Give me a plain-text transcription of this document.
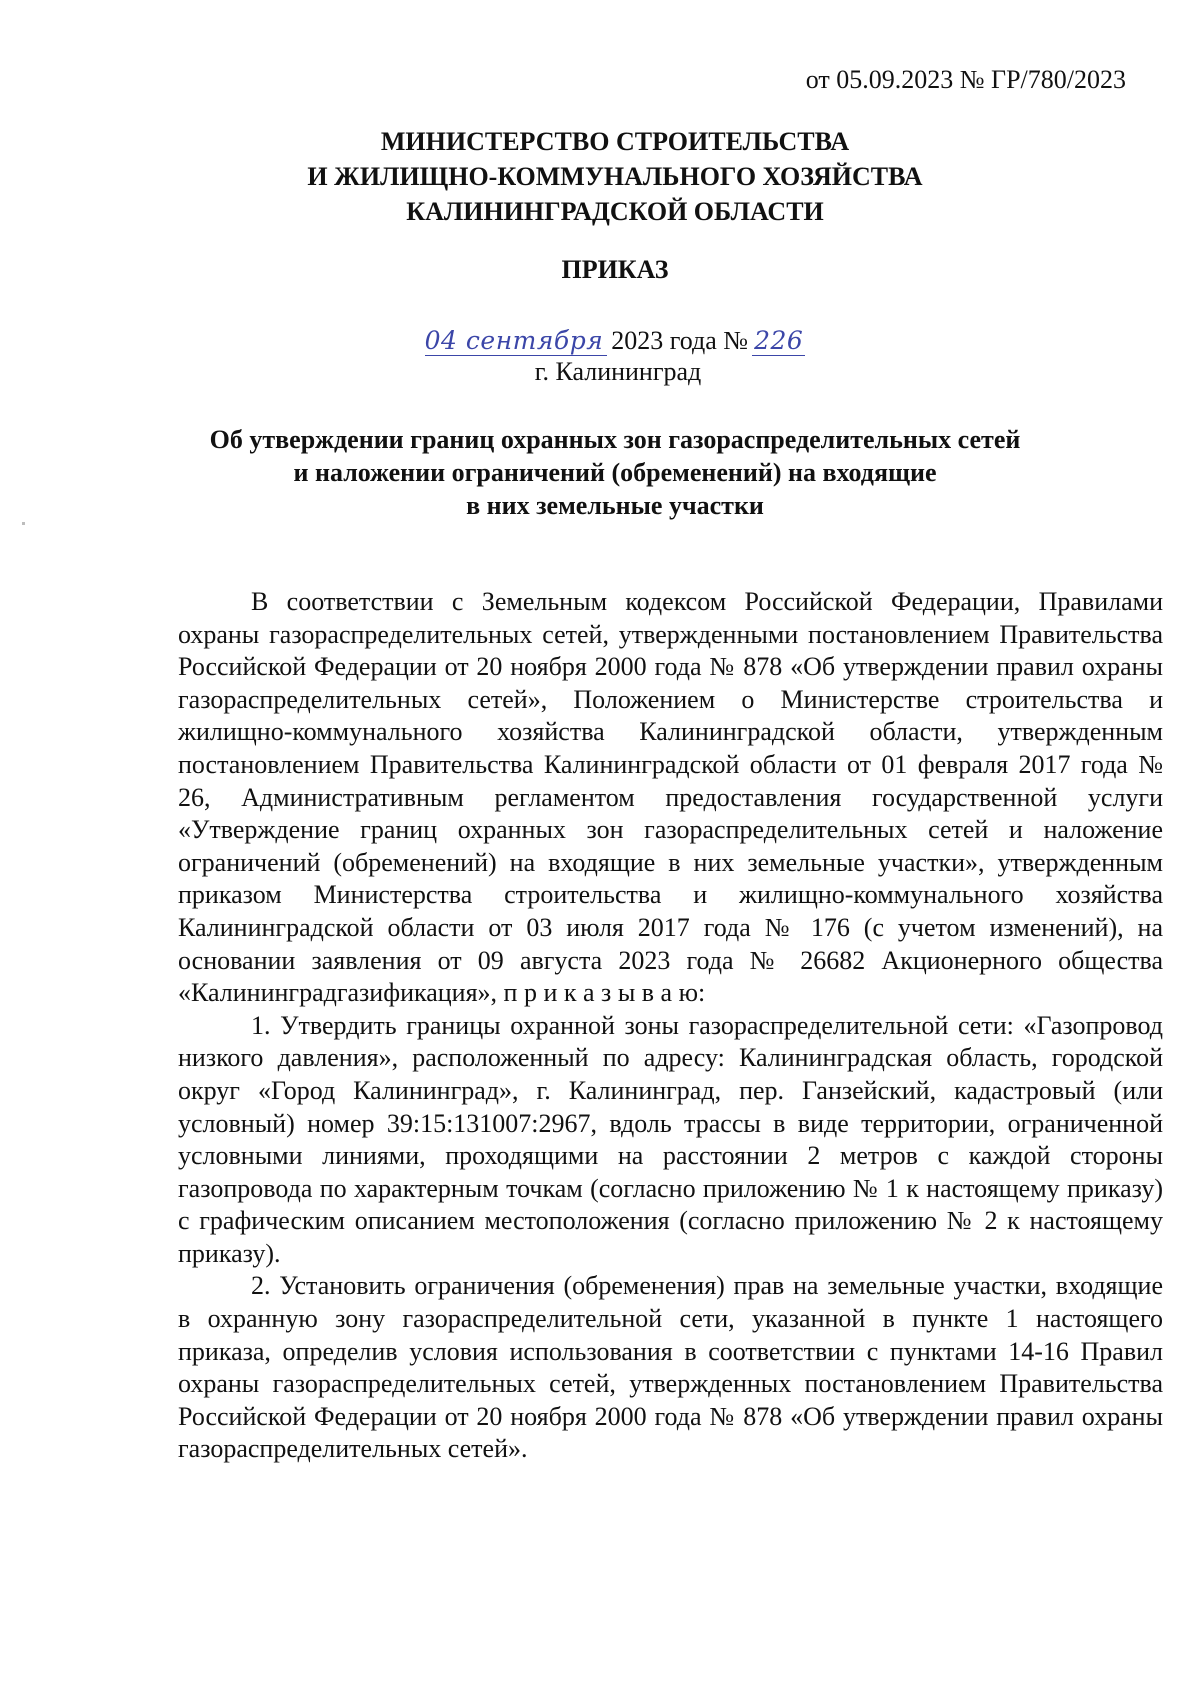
от 05.09.2023 № ГР/780/2023
МИНИСТЕРСТВО СТРОИТЕЛЬСТВА
И ЖИЛИЩНО-КОММУНАЛЬНОГО ХОЗЯЙСТВА
КАЛИНИНГРАДСКОЙ ОБЛАСТИ
ПРИКАЗ
04 сентября 2023 года № 226
г. Калининград
Об утверждении границ охранных зон газораспределительных сетей
и наложении ограничений (обременений) на входящие
в них земельные участки

В соответствии с Земельным кодексом Российской Федерации, Правилами охраны газораспределительных сетей, утвержденными постановлением Правительства Российской Федерации от 20 ноября 2000 года № 878 «Об утверждении правил охраны газораспределительных сетей», Положением о Министерстве строительства и жилищно-коммунального хозяйства Калининградской области, утвержденным постановлением Правительства Калининградской области от 01 февраля 2017 года № 26, Административным регламентом предоставления государственной услуги «Утверждение границ охранных зон газораспределительных сетей и наложение ограничений (обременений) на входящие в них земельные участки», утвержденным приказом Министерства строительства и жилищно-коммунального хозяйства Калининградской области от 03 июля 2017 года № 176 (с учетом изменений), на основании заявления от 09 августа 2023 года № 26682 Акционерного общества «Калининградгазификация», п р и к а з ы в а ю:

1. Утвердить границы охранной зоны газораспределительной сети: «Газопровод низкого давления», расположенный по адресу: Калининградская область, городской округ «Город Калининград», г. Калининград, пер. Ганзейский, кадастровый (или условный) номер 39:15:131007:2967, вдоль трассы в виде территории, ограниченной условными линиями, проходящими на расстоянии 2 метров с каждой стороны газопровода по характерным точкам (согласно приложению № 1 к настоящему приказу) с графическим описанием местоположения (согласно приложению № 2 к настоящему приказу).

2. Установить ограничения (обременения) прав на земельные участки, входящие в охранную зону газораспределительной сети, указанной в пункте 1 настоящего приказа, определив условия использования в соответствии с пунктами 14-16 Правил охраны газораспределительных сетей, утвержденных постановлением Правительства Российской Федерации от 20 ноября 2000 года № 878 «Об утверждении правил охраны газораспределительных сетей».
